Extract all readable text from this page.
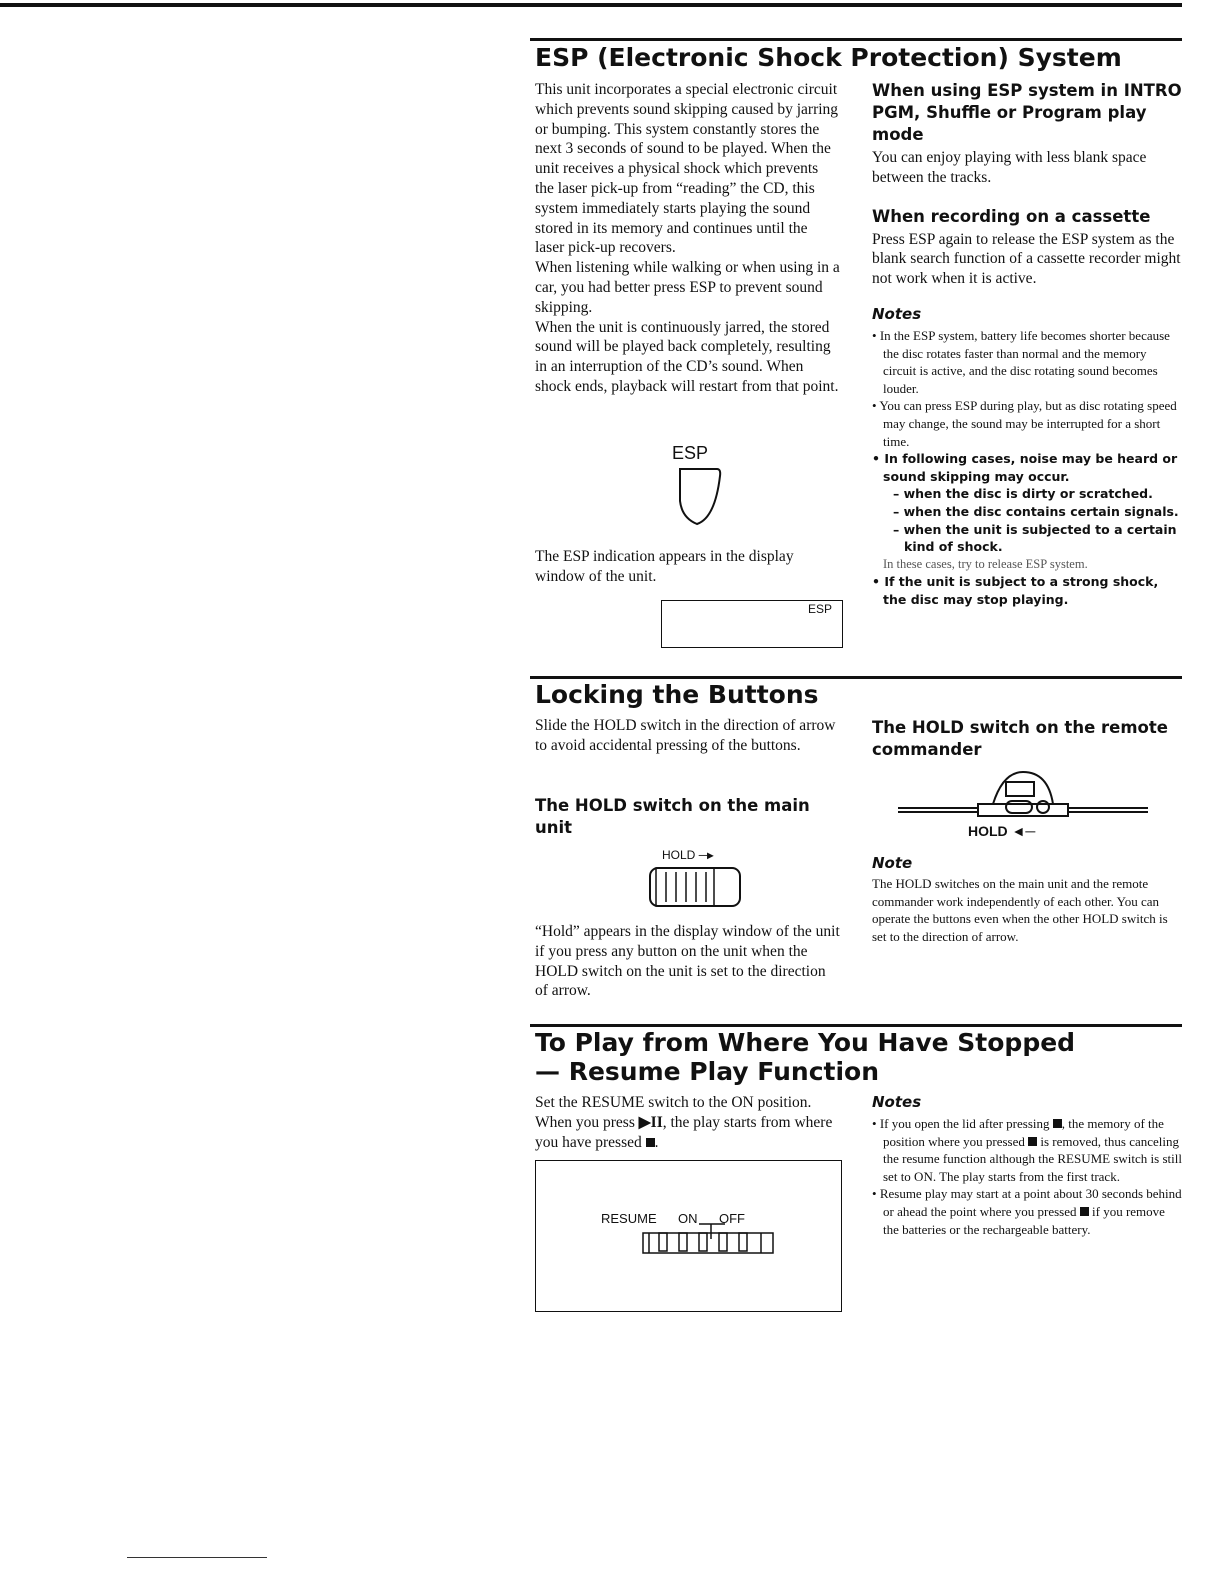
ESP (Electronic Shock Protection) System

This unit incorporates a special electronic circuit which prevents sound skipping caused by jarring or bumping. This system constantly stores the next 3 seconds of sound to be played. When the unit receives a physical shock which prevents the laser pick-up from “reading” the CD, this system immediately starts playing the sound stored in its memory and continues until the laser pick-up recovers.

When listening while walking or when using in a car, you had better press ESP to prevent sound skipping.

When the unit is continuously jarred, the stored sound will be played back completely, resulting in an interruption of the CD’s sound. When shock ends, playback will restart from that point.

ESP

The ESP indication appears in the display window of the unit.

ESP
When using ESP system in INTRO PGM, Shuffle or Program play mode

You can enjoy playing with less blank space between the tracks.

When recording on a cassette

Press ESP again to release the ESP system as the blank search function of a cassette recorder might not work when it is active.

Notes
• In the ESP system, battery life becomes shorter because the disc rotates faster than normal and the memory circuit is active, and the disc rotating sound becomes louder.
• You can press ESP during play, but as disc rotating speed may change, the sound may be interrupted for a short time.
• In following cases, noise may be heard or sound skipping may occur.
– when the disc is dirty or scratched.
– when the disc contains certain signals.
– when the unit is subjected to a certain kind of shock.
In these cases, try to release ESP system.
• If the unit is subject to a strong shock, the disc may stop playing.
Locking the Buttons

Slide the HOLD switch in the direction of arrow to avoid accidental pressing of the buttons.

The HOLD switch on the main unit
HOLD ─▸

“Hold” appears in the display window of the unit if you press any button on the unit when the HOLD switch on the unit is set to the direction of arrow.

The HOLD switch on the remote commander
HOLD ◄─
Note

The HOLD switches on the main unit and the remote commander work independently of each other. You can operate the buttons even when the other HOLD switch is set to the direction of arrow.

To Play from Where You Have Stopped
— Resume Play Function

Set the RESUME switch to the ON position. When you press ▶II, the play starts from where you have pressed .

RESUME ON OFF
Notes
• If you open the lid after pressing , the memory of the position where you pressed  is removed, thus canceling the resume function although the RESUME switch is still set to ON. The play starts from the first track.
• Resume play may start at a point about 30 seconds behind or ahead the point where you pressed  if you remove the batteries or the rechargeable battery.
